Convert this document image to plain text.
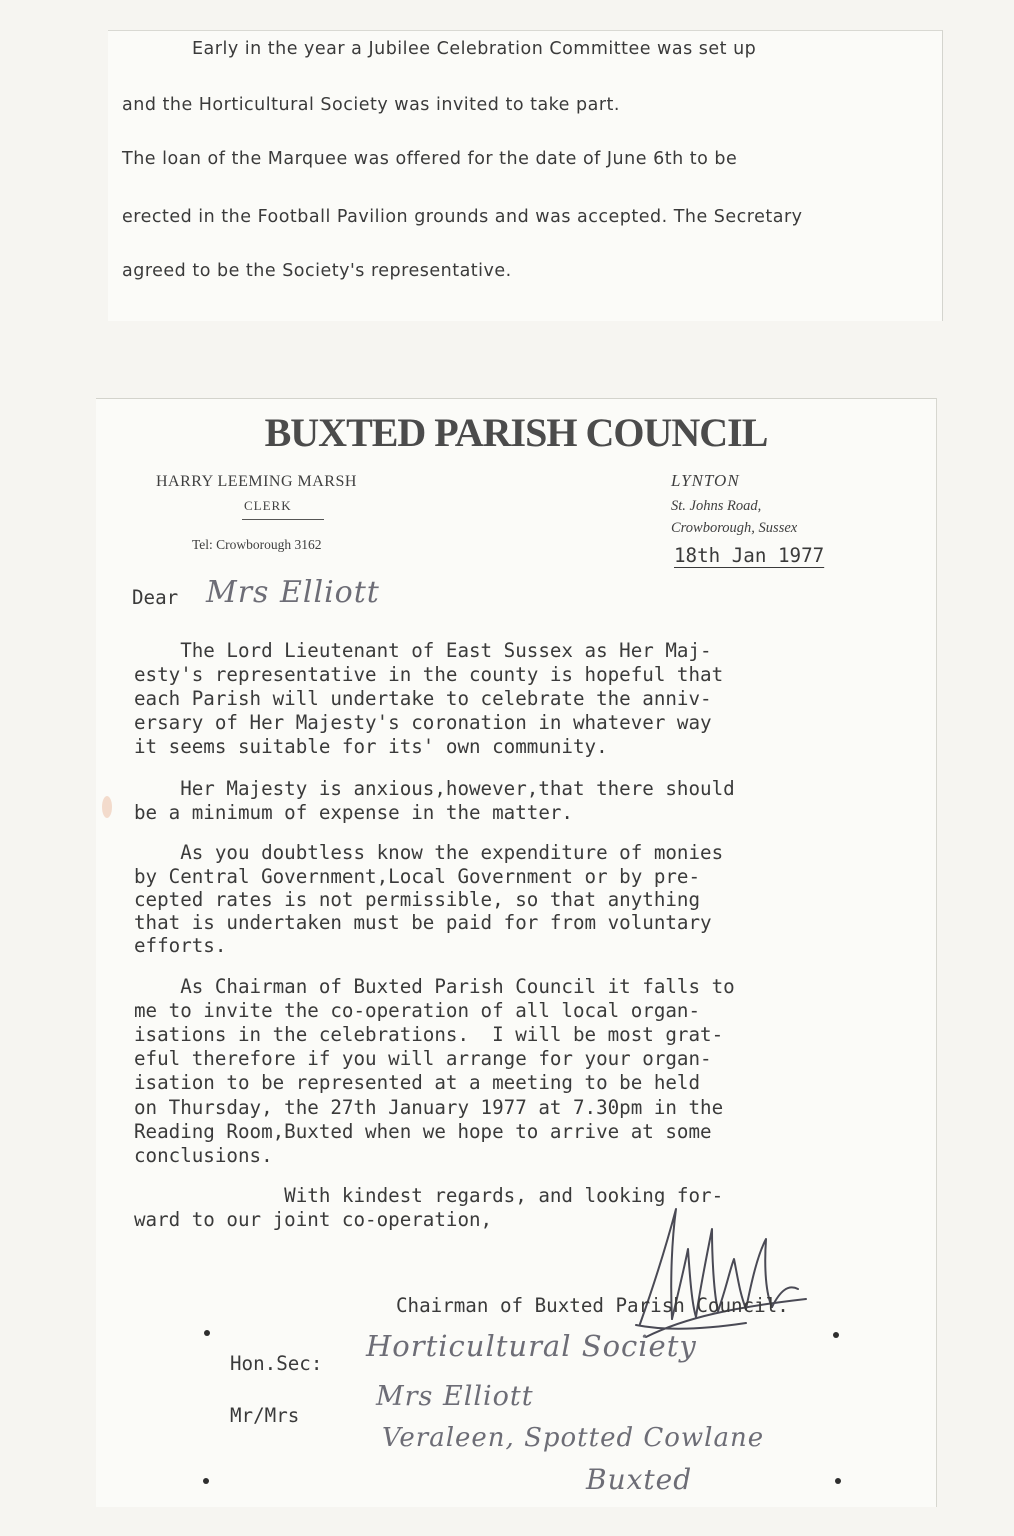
Early in the year a Jubilee Celebration Committee was set up

and the Horticultural Society was invited to take part.

The loan of the Marquee was offered for the date of June 6th to be

erected in the Football Pavilion grounds and was accepted. The Secretary

agreed to be the Society's representative.

BUXTED PARISH COUNCIL

HARRY LEEMING MARSH

CLERK

Tel: Crowborough 3162

LYNTON

St. Johns Road,

Crowborough, Sussex

18th Jan 1977

Dear Mrs Elliott

The Lord Lieutenant of East Sussex as Her Maj-

esty's representative in the county is hopeful that

each Parish will undertake to celebrate the anniv-

ersary of Her Majesty's coronation in whatever way

it seems suitable for its' own community.

Her Majesty is anxious,however,that there should

be a minimum of expense in the matter.

As you doubtless know the expenditure of monies

by Central Government,Local Government or by pre-

cepted rates is not permissible, so that anything

that is undertaken must be paid for from voluntary

efforts.

As Chairman of Buxted Parish Council it falls to

me to invite the co-operation of all local organ-

isations in the celebrations.  I will be most grat-

eful therefore if you will arrange for your organ-

isation to be represented at a meeting to be held

on Thursday, the 27th January 1977 at 7.30pm in the

Reading Room,Buxted when we hope to arrive at some

conclusions.

With kindest regards, and looking for-

ward to our joint co-operation,

Chairman of Buxted Parish Council.

Hon.Sec:

Mr/Mrs

Horticultural Society

Mrs Elliott

Veraleen, Spotted Cowlane

Buxted
